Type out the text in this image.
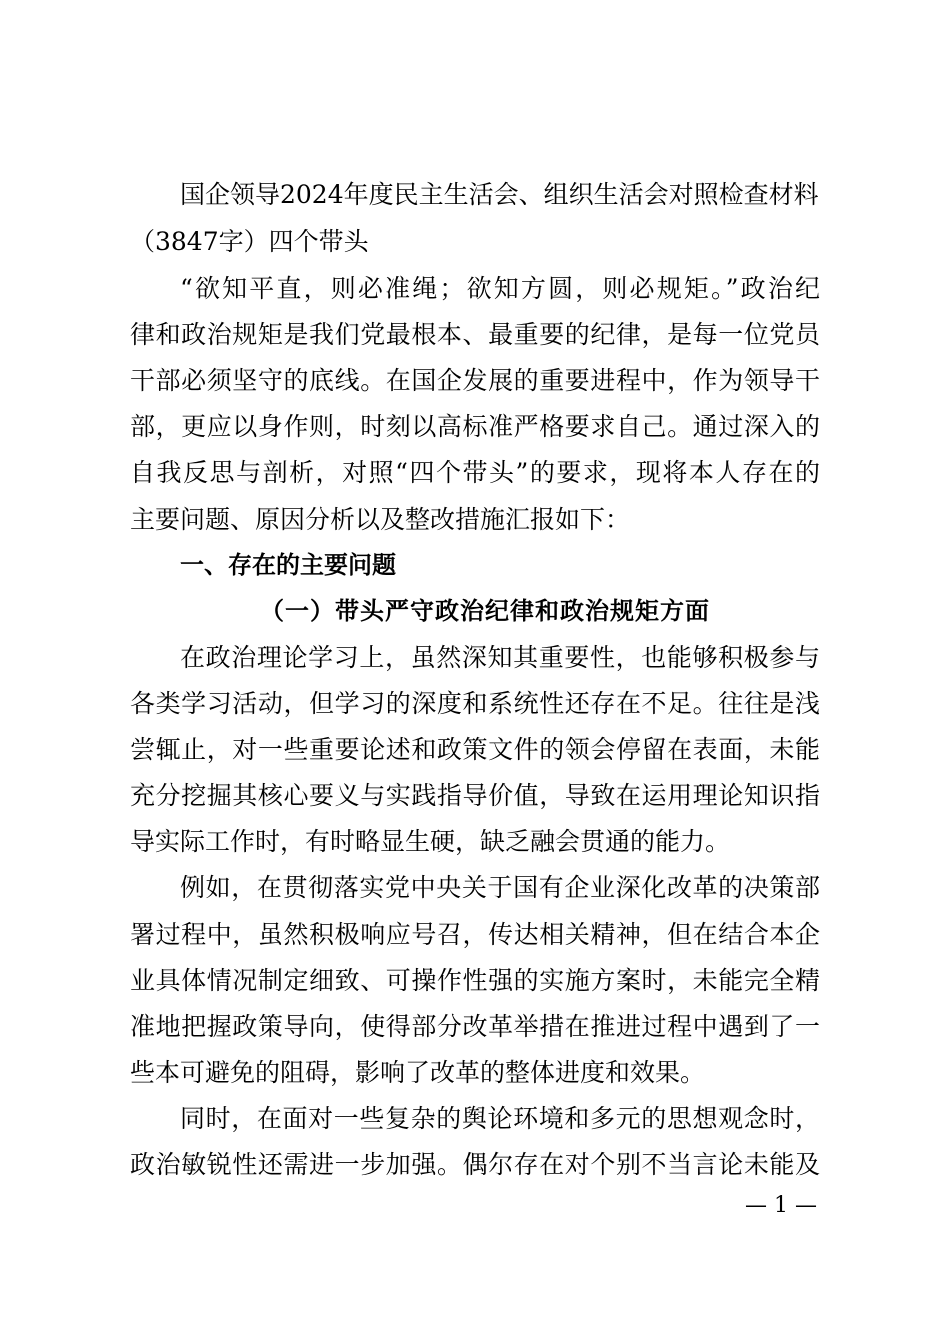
国企领导2024年度民主生活会、组织生活会对照检查材料
（3847字）四个带头
“欲知平直，则必准绳；欲知方圆，则必规矩。”政治纪
律和政治规矩是我们党最根本、最重要的纪律，是每一位党员
干部必须坚守的底线。在国企发展的重要进程中，作为领导干
部，更应以身作则，时刻以高标准严格要求自己。通过深入的
自我反思与剖析，对照“四个带头”的要求，现将本人存在的
主要问题、原因分析以及整改措施汇报如下：
一、存在的主要问题
（一）带头严守政治纪律和政治规矩方面
在政治理论学习上，虽然深知其重要性，也能够积极参与
各类学习活动，但学习的深度和系统性还存在不足。往往是浅
尝辄止，对一些重要论述和政策文件的领会停留在表面，未能
充分挖掘其核心要义与实践指导价值，导致在运用理论知识指
导实际工作时，有时略显生硬，缺乏融会贯通的能力。
例如，在贯彻落实党中央关于国有企业深化改革的决策部
署过程中，虽然积极响应号召，传达相关精神，但在结合本企
业具体情况制定细致、可操作性强的实施方案时，未能完全精
准地把握政策导向，使得部分改革举措在推进过程中遇到了一
些本可避免的阻碍，影响了改革的整体进度和效果。
同时，在面对一些复杂的舆论环境和多元的思想观念时，
政治敏锐性还需进一步加强。偶尔存在对个别不当言论未能及
— 1 —
